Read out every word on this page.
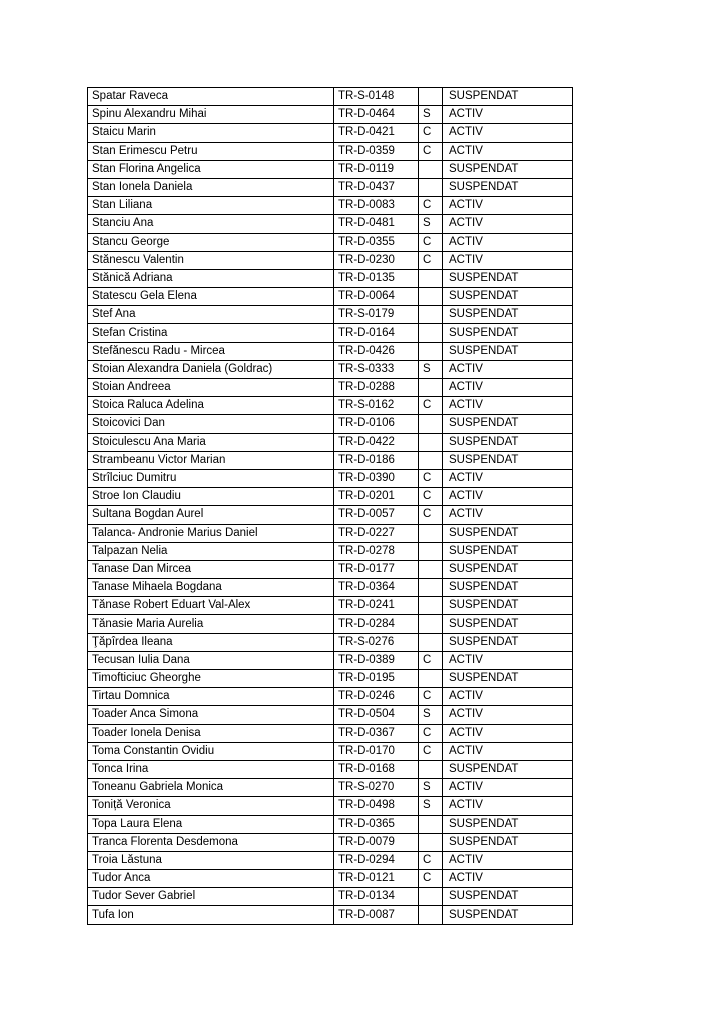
Spatar Raveca	TR-S-0148		SUSPENDAT
Spinu Alexandru Mihai	TR-D-0464	S	ACTIV
Staicu Marin	TR-D-0421	C	ACTIV
Stan Erimescu Petru	TR-D-0359	C	ACTIV
Stan Florina Angelica	TR-D-0119		SUSPENDAT
Stan Ionela Daniela	TR-D-0437		SUSPENDAT
Stan Liliana	TR-D-0083	C	ACTIV
Stanciu Ana	TR-D-0481	S	ACTIV
Stancu George	TR-D-0355	C	ACTIV
Stănescu Valentin	TR-D-0230	C	ACTIV
Stănică Adriana	TR-D-0135		SUSPENDAT
Statescu Gela Elena	TR-D-0064		SUSPENDAT
Stef Ana	TR-S-0179		SUSPENDAT
Stefan Cristina	TR-D-0164		SUSPENDAT
Stefănescu Radu - Mircea	TR-D-0426		SUSPENDAT
Stoian Alexandra Daniela (Goldrac)	TR-S-0333	S	ACTIV
Stoian Andreea	TR-D-0288		ACTIV
Stoica Raluca Adelina	TR-S-0162	C	ACTIV
Stoicovici Dan	TR-D-0106		SUSPENDAT
Stoiculescu Ana Maria	TR-D-0422		SUSPENDAT
Strambeanu Victor Marian	TR-D-0186		SUSPENDAT
Strîlciuc Dumitru	TR-D-0390	C	ACTIV
Stroe Ion Claudiu	TR-D-0201	C	ACTIV
Sultana Bogdan Aurel	TR-D-0057	C	ACTIV
Talanca- Andronie Marius Daniel	TR-D-0227		SUSPENDAT
Talpazan Nelia	TR-D-0278		SUSPENDAT
Tanase Dan Mircea	TR-D-0177		SUSPENDAT
Tanase Mihaela Bogdana	TR-D-0364		SUSPENDAT
Tănase Robert Eduart Val-Alex	TR-D-0241		SUSPENDAT
Tănasie Maria Aurelia	TR-D-0284		SUSPENDAT
Ţăpîrdea Ileana	TR-S-0276		SUSPENDAT
Tecusan Iulia Dana	TR-D-0389	C	ACTIV
Timofticiuc Gheorghe	TR-D-0195		SUSPENDAT
Tirtau Domnica	TR-D-0246	C	ACTIV
Toader Anca Simona	TR-D-0504	S	ACTIV
Toader Ionela Denisa	TR-D-0367	C	ACTIV
Toma Constantin Ovidiu	TR-D-0170	C	ACTIV
Tonca Irina	TR-D-0168		SUSPENDAT
Toneanu Gabriela Monica	TR-S-0270	S	ACTIV
Toniță Veronica	TR-D-0498	S	ACTIV
Topa Laura Elena	TR-D-0365		SUSPENDAT
Tranca Florenta Desdemona	TR-D-0079		SUSPENDAT
Troia Lăstuna	TR-D-0294	C	ACTIV
Tudor Anca	TR-D-0121	C	ACTIV
Tudor Sever Gabriel	TR-D-0134		SUSPENDAT
Tufa Ion	TR-D-0087		SUSPENDAT
